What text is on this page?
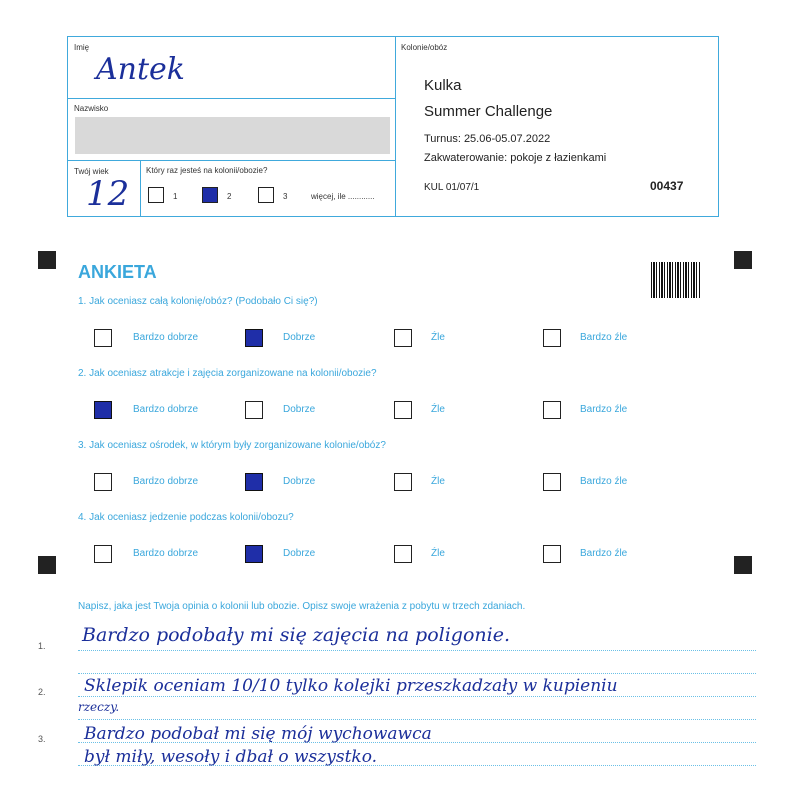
Imię
Antek
Nazwisko
Twój wiek
12
Który raz jesteś na kolonii/obozie?
1	2	3	więcej, ile ............
Kolonie/obóz
Kulka
Summer Challenge
Turnus: 25.06-05.07.2022
Zakwaterowanie: pokoje z łazienkami
KUL 01/07/1	00437
ANKIETA
1. Jak oceniasz całą kolonię/obóz? (Podobało Ci się?)
Bardzo dobrze	Dobrze	Źle	Bardzo źle
2. Jak oceniasz atrakcje i zajęcia zorganizowane na kolonii/obozie?
Bardzo dobrze	Dobrze	Źle	Bardzo źle
3. Jak oceniasz ośrodek, w którym były zorganizowane kolonie/obóz?
Bardzo dobrze	Dobrze	Źle	Bardzo źle
4. Jak oceniasz jedzenie podczas kolonii/obozu?
Bardzo dobrze	Dobrze	Źle	Bardzo źle
Napisz, jaka jest Twoja opinia o kolonii lub obozie. Opisz swoje wrażenia z pobytu w trzech zdaniach.
1.
2.
3.
Bardzo podobały mi się zajęcia na poligonie.
Sklepik oceniam 10/10 tylko kolejki przeszkadzały w kupieniu
rzeczy.
Bardzo podobał mi się mój wychowawca
był miły, wesoły i dbał o wszystko.
